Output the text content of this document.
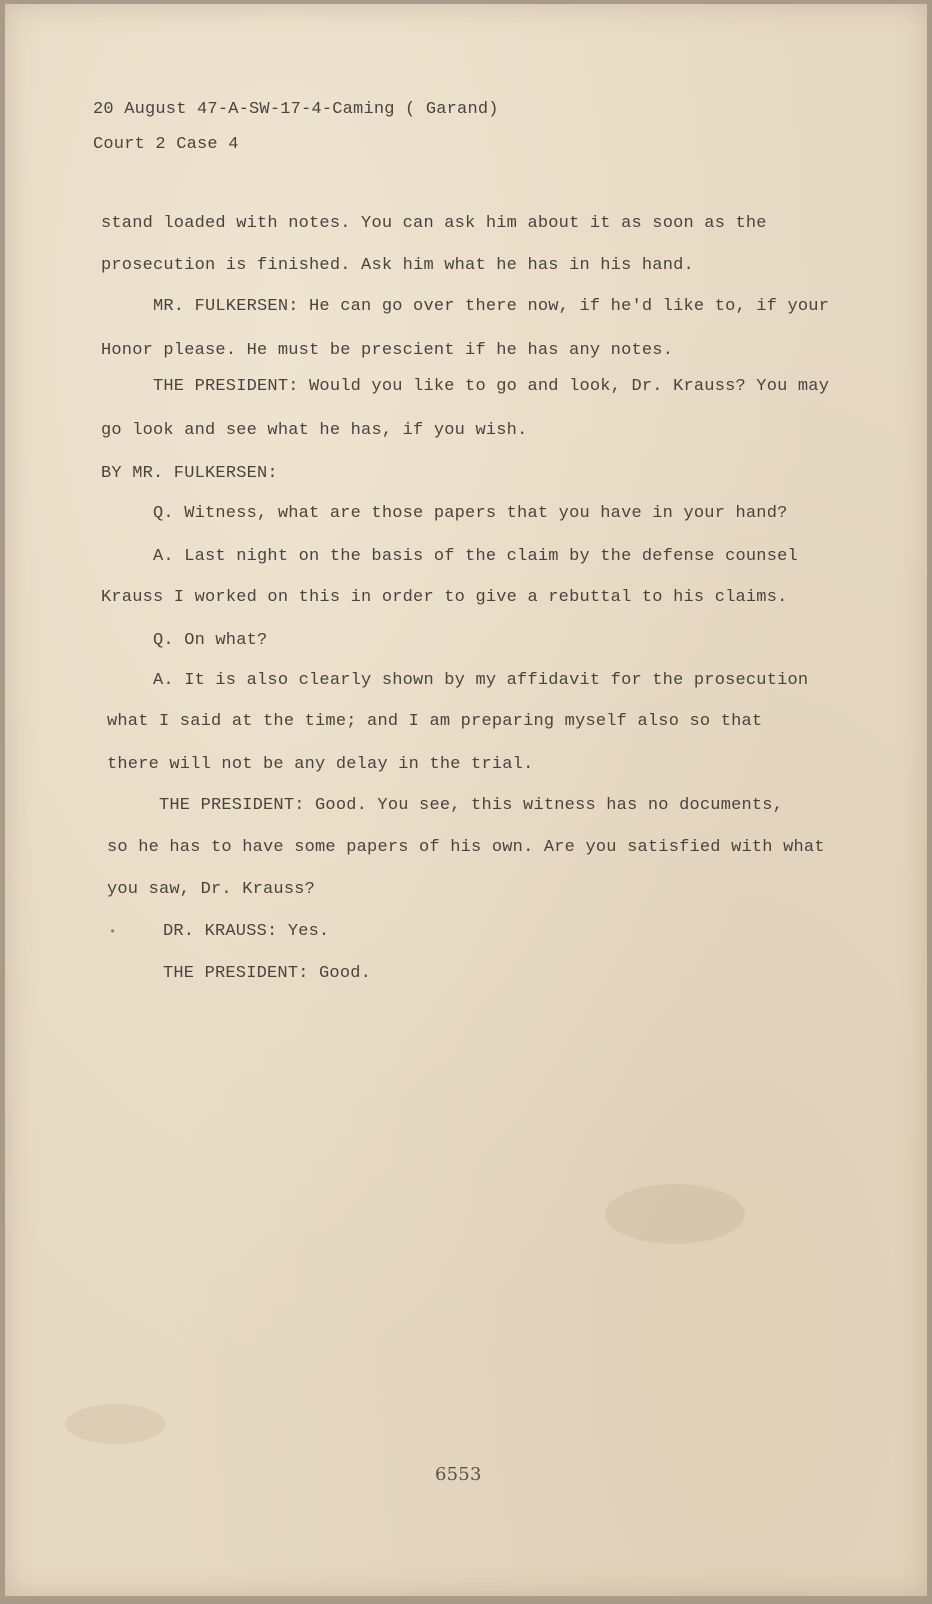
20 August 47-A-SW-17-4-Caming ( Garand)
Court 2 Case 4
stand loaded with notes. You can ask him about it as soon as the
prosecution is finished. Ask him what he has in his hand.
MR. FULKERSEN: He can go over there now, if he'd like to, if your
Honor please. He must be prescient if he has any notes.
THE PRESIDENT: Would you like to go and look, Dr. Krauss? You may
go look and see what he has, if you wish.
BY MR. FULKERSEN:
Q. Witness, what are those papers that you have in your hand?
A. Last night on the basis of the claim by the defense counsel
Krauss I worked on this in order to give a rebuttal to his claims.
Q. On what?
A. It is also clearly shown by my affidavit for the prosecution
what I said at the time; and I am preparing myself also so that
there will not be any delay in the trial.
THE PRESIDENT: Good. You see, this witness has no documents,
so he has to have some papers of his own. Are you satisfied with what
you saw, Dr. Krauss?
•	DR. KRAUSS: Yes.
THE PRESIDENT: Good.
6553
